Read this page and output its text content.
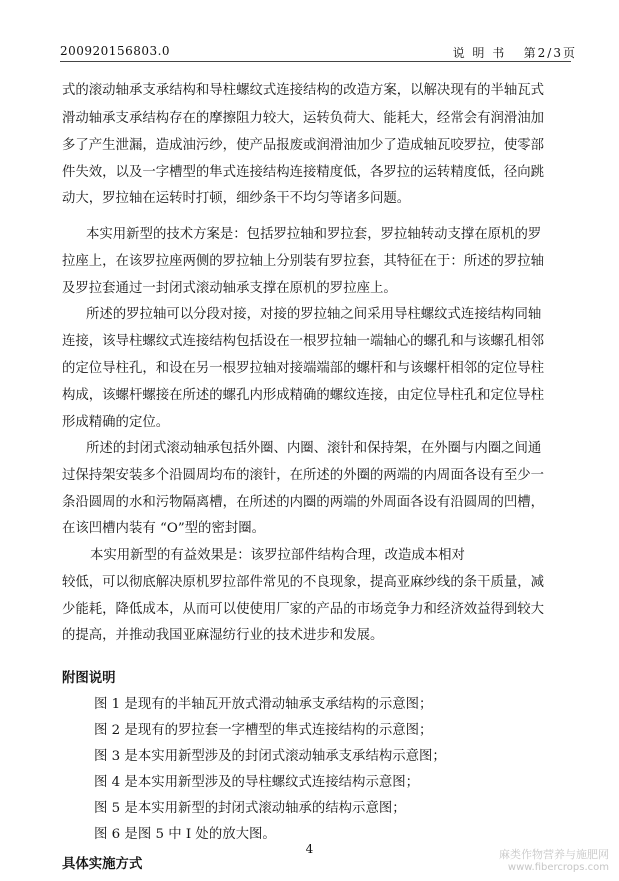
200920156803.0	说 明 书 第2/3页
式的滚动轴承支承结构和导柱螺纹式连接结构的改造方案，以解决现有的半轴瓦式
滑动轴承支承结构存在的摩擦阻力较大，运转负荷大、能耗大，经常会有润滑油加
多了产生泄漏，造成油污纱，使产品报废或润滑油加少了造成轴瓦咬罗拉，使零部
件失效，以及一字槽型的隼式连接结构连接精度低，各罗拉的运转精度低，径向跳
动大，罗拉轴在运转时打顿，细纱条干不均匀等诸多问题。
本实用新型的技术方案是：包括罗拉轴和罗拉套，罗拉轴转动支撑在原机的罗
拉座上，在该罗拉座两侧的罗拉轴上分别装有罗拉套，其特征在于：所述的罗拉轴
及罗拉套通过一封闭式滚动轴承支撑在原机的罗拉座上。
所述的罗拉轴可以分段对接，对接的罗拉轴之间采用导柱螺纹式连接结构同轴
连接，该导柱螺纹式连接结构包括设在一根罗拉轴一端轴心的螺孔和与该螺孔相邻
的定位导柱孔，和设在另一根罗拉轴对接端端部的螺杆和与该螺杆相邻的定位导柱
构成，该螺杆螺接在所述的螺孔内形成精确的螺纹连接，由定位导柱孔和定位导柱
形成精确的定位。
所述的封闭式滚动轴承包括外圈、内圈、滚针和保持架，在外圈与内圈之间通
过保持架安装多个沿圆周均布的滚针，在所述的外圈的两端的内周面各设有至少一
条沿圆周的水和污物隔离槽，在所述的内圈的两端的外周面各设有沿圆周的凹槽，
在该凹槽内装有 “O”型的密封圈。
本实用新型的有益效果是：该罗拉部件结构合理，改造成本相对
较低，可以彻底解决原机罗拉部件常见的不良现象，提高亚麻纱线的条干质量，减
少能耗，降低成本，从而可以使使用厂家的产品的市场竞争力和经济效益得到较大
的提高，并推动我国亚麻湿纺行业的技术进步和发展。
附图说明
图 1 是现有的半轴瓦开放式滑动轴承支承结构的示意图；
图 2 是现有的罗拉套一字槽型的隼式连接结构的示意图；
图 3 是本实用新型涉及的封闭式滚动轴承支承结构示意图；
图 4 是本实用新型涉及的导柱螺纹式连接结构示意图；
图 5 是本实用新型的封闭式滚动轴承的结构示意图；
图 6 是图 5 中 I 处的放大图。
具体实施方式
4	麻类作物营养与施肥网
www.fibercrops.com
